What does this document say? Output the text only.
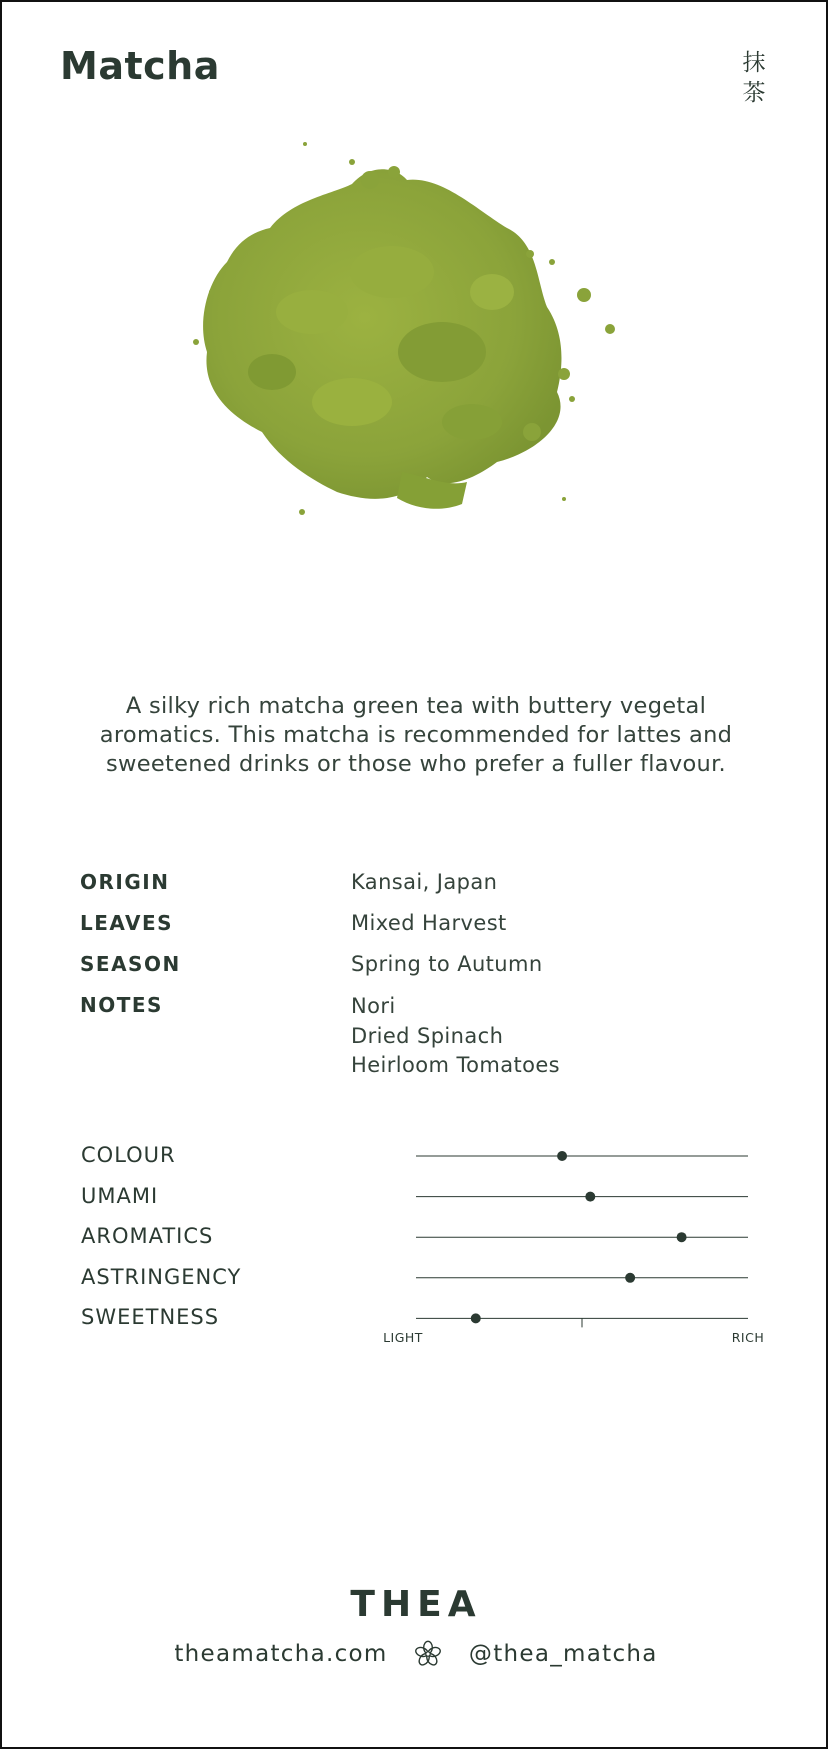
Matcha	抹
茶
A silky rich matcha green tea with buttery vegetal aromatics. This matcha is recommended for lattes and sweetened drinks or those who prefer a fuller flavour.
ORIGIN	Kansai, Japan
LEAVES	Mixed Harvest
SEASON	Spring to Autumn
NOTES	Nori
Dried Spinach
Heirloom Tomatoes
COLOUR
UMAMI
AROMATICS
ASTRINGENCY
SWEETNESS
LIGHT	RICH
THEA
theamatcha.com	@thea_matcha
